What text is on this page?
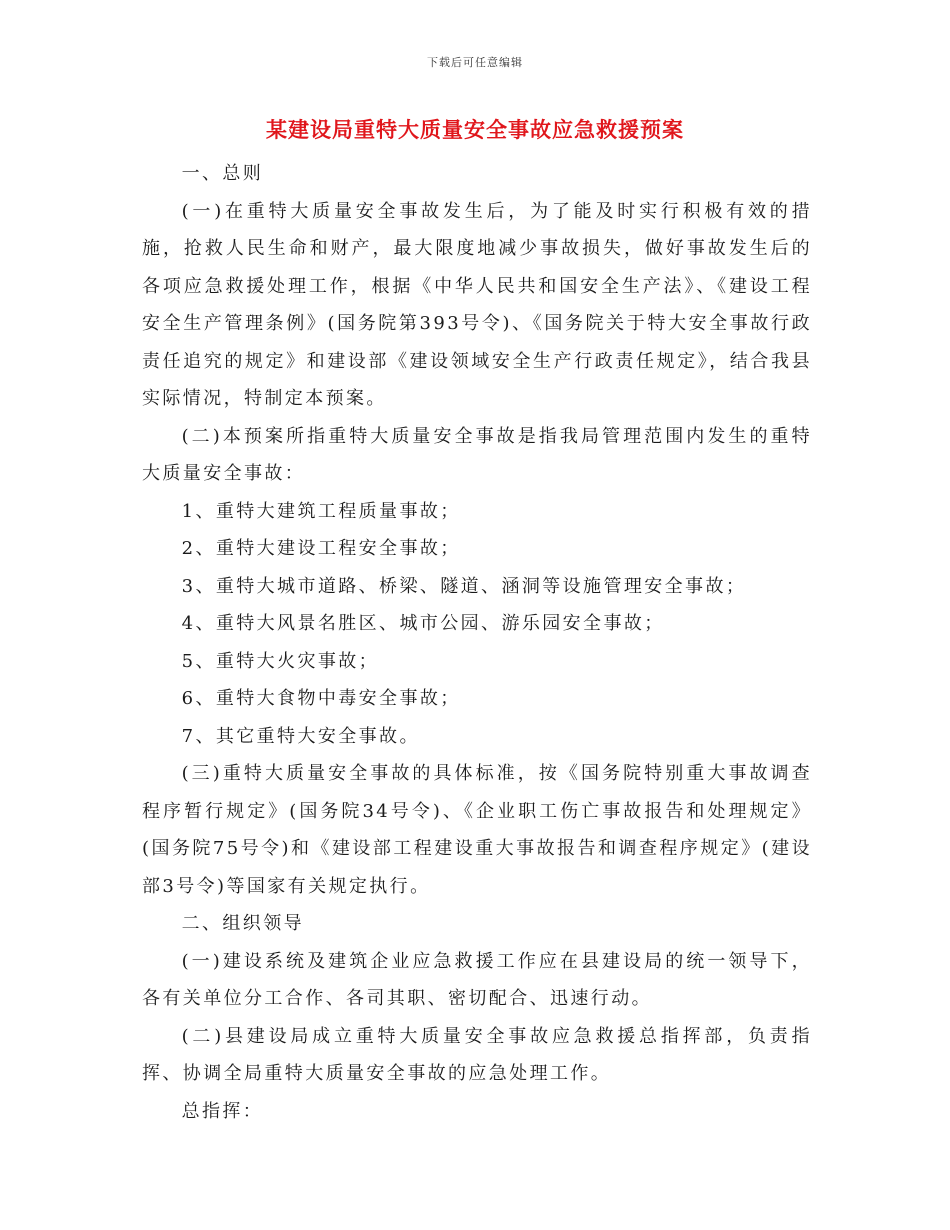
下载后可任意编辑
某建设局重特大质量安全事故应急救援预案

一、总则

(一)在重特大质量安全事故发生后，为了能及时实行积极有效的措施，抢救人民生命和财产，最大限度地减少事故损失，做好事故发生后的各项应急救援处理工作，根据《中华人民共和国安全生产法》、《建设工程安全生产管理条例》(国务院第393号令)、《国务院关于特大安全事故行政责任追究的规定》和建设部《建设领域安全生产行政责任规定》，结合我县实际情况，特制定本预案。

(二)本预案所指重特大质量安全事故是指我局管理范围内发生的重特大质量安全事故：

1、重特大建筑工程质量事故；

2、重特大建设工程安全事故；

3、重特大城市道路、桥梁、隧道、涵洞等设施管理安全事故；

4、重特大风景名胜区、城市公园、游乐园安全事故；

5、重特大火灾事故；

6、重特大食物中毒安全事故；

7、其它重特大安全事故。

(三)重特大质量安全事故的具体标准，按《国务院特别重大事故调查程序暂行规定》(国务院34号令)、《企业职工伤亡事故报告和处理规定》(国务院75号令)和《建设部工程建设重大事故报告和调查程序规定》(建设部3号令)等国家有关规定执行。

二、组织领导

(一)建设系统及建筑企业应急救援工作应在县建设局的统一领导下，各有关单位分工合作、各司其职、密切配合、迅速行动。

(二)县建设局成立重特大质量安全事故应急救援总指挥部，负责指挥、协调全局重特大质量安全事故的应急处理工作。

总指挥：
